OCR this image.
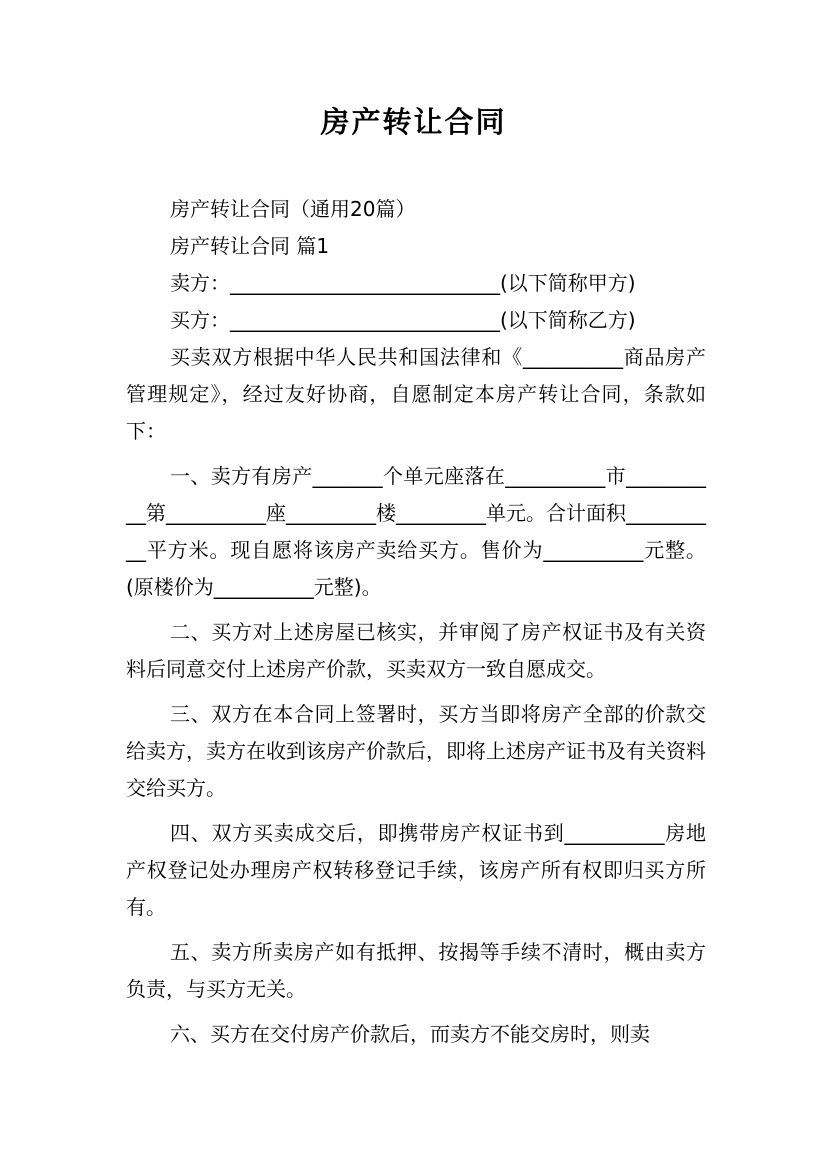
房产转让合同

房产转让合同（通用20篇）

房产转让合同 篇1

卖方：___________________________(以下简称甲方)

买方：___________________________(以下简称乙方)

买卖双方根据中华人民共和国法律和《__________商品房产管理规定》，经过友好协商，自愿制定本房产转让合同，条款如下：

一、卖方有房产_______个单元座落在__________市__________第__________座_________楼_________单元。合计面积__________平方米。现自愿将该房产卖给买方。售价为__________元整。(原楼价为__________元整)。

二、买方对上述房屋已核实，并审阅了房产权证书及有关资料后同意交付上述房产价款，买卖双方一致自愿成交。

三、双方在本合同上签署时，买方当即将房产全部的价款交给卖方，卖方在收到该房产价款后，即将上述房产证书及有关资料交给买方。

四、双方买卖成交后，即携带房产权证书到__________房地产权登记处办理房产权转移登记手续，该房产所有权即归买方所有。

五、卖方所卖房产如有抵押、按揭等手续不清时，概由卖方负责，与买方无关。

六、买方在交付房产价款后，而卖方不能交房时，则卖
